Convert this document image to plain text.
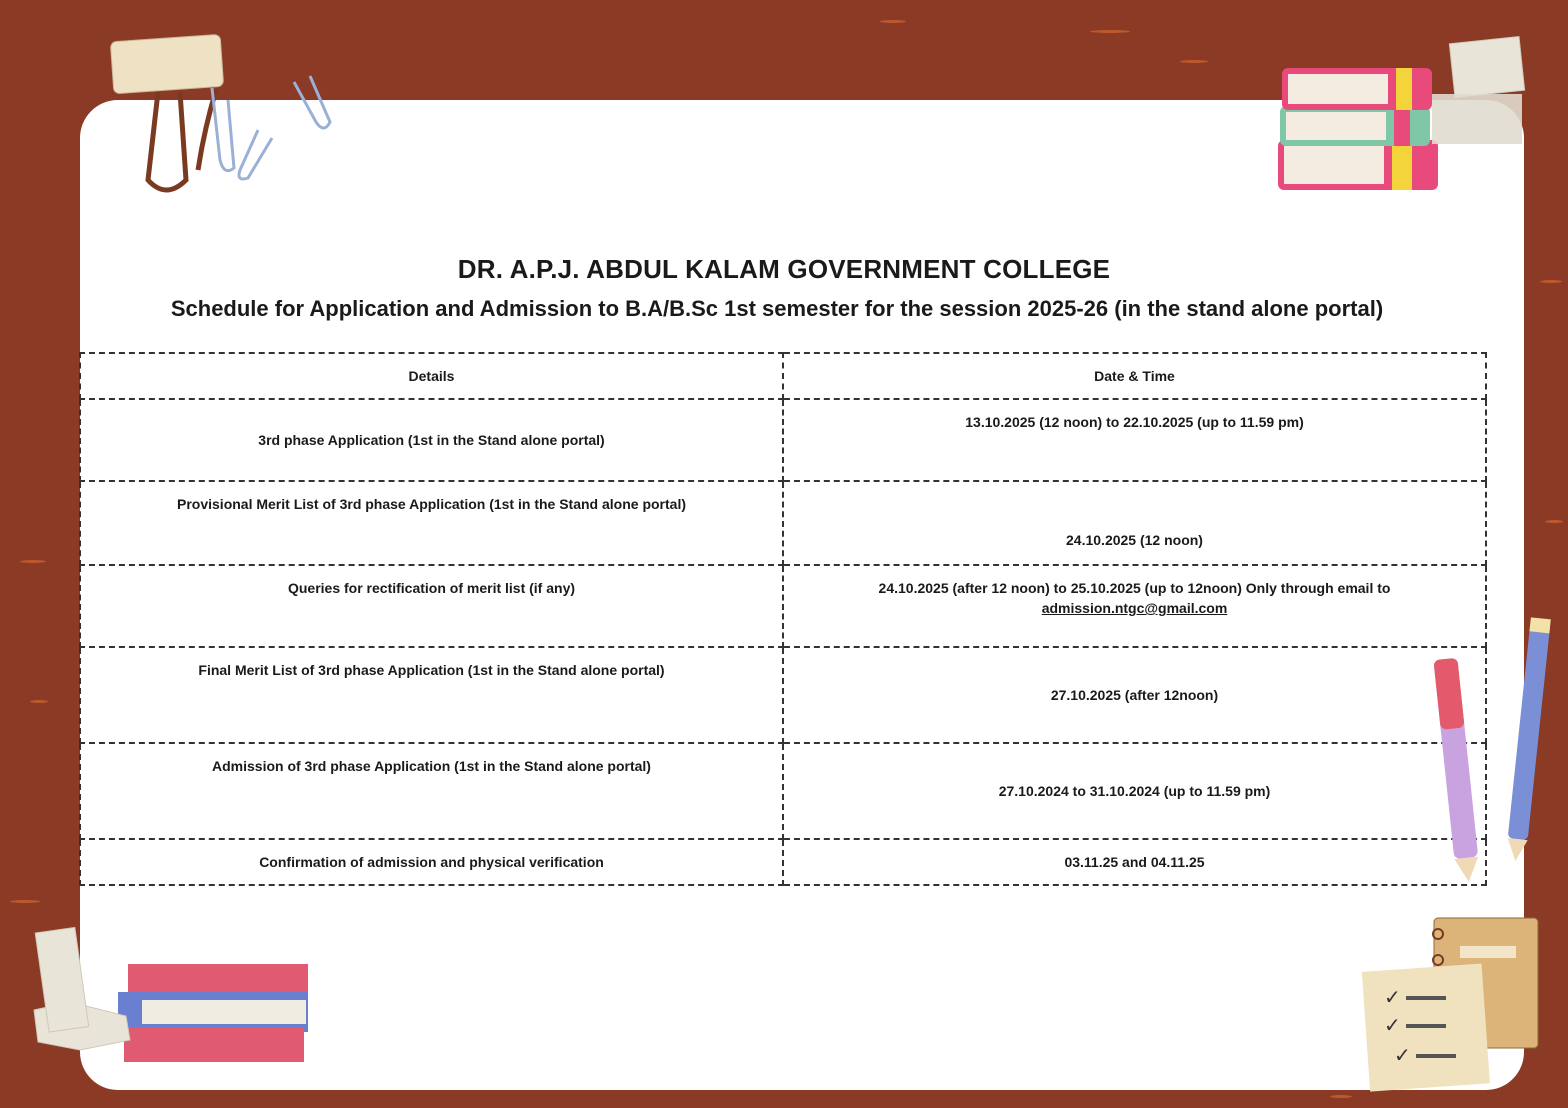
DR. A.P.J. ABDUL KALAM GOVERNMENT COLLEGE
Schedule for Application and Admission to B.A/B.Sc 1st semester for the session 2025-26 (in the stand alone portal)
Details	Date & Time
3rd phase Application (1st in the Stand alone portal)	13.10.2025 (12 noon) to 22.10.2025 (up to 11.59 pm)
Provisional Merit List of 3rd phase Application (1st in the Stand alone portal)	24.10.2025 (12 noon)
Queries for rectification of merit list (if any)	24.10.2025 (after 12 noon) to 25.10.2025 (up to 12noon) Only through email to
admission.ntgc@gmail.com

Final Merit List of 3rd phase Application (1st in the Stand alone portal)	27.10.2025 (after 12noon)
Admission of 3rd phase Application (1st in the Stand alone portal)	27.10.2024 to 31.10.2024 (up to 11.59 pm)
Confirmation of admission and physical verification	03.11.25 and 04.11.25
✓
✓
✓
